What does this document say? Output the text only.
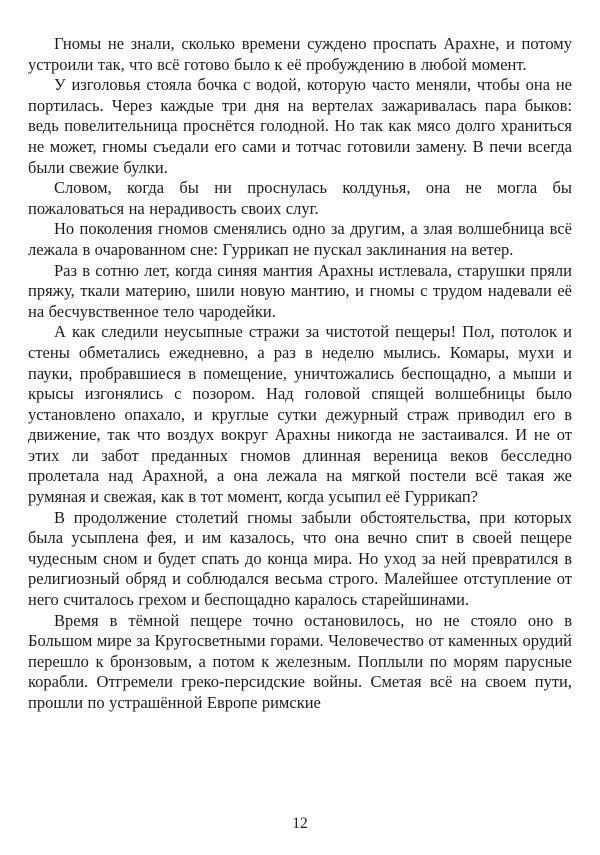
Гномы не знали, сколько времени суждено проспать Арахне, и потому устроили так, что всё готово было к её пробуждению в любой момент.

У изголовья стояла бочка с водой, которую часто меняли, чтобы она не портилась. Через каждые три дня на вертелах зажаривалась пара быков: ведь повелительница проснётся голодной. Но так как мясо долго храниться не может, гномы съедали его сами и тотчас готовили замену. В печи всегда были свежие булки.

Словом, когда бы ни проснулась колдунья, она не могла бы пожаловаться на нерадивость своих слуг.

Но поколения гномов сменялись одно за другим, а злая волшебница всё лежала в очарованном сне: Гуррикап не пускал заклинания на ветер.

Раз в сотню лет, когда синяя мантия Арахны истлевала, старушки пряли пряжу, ткали материю, шили новую мантию, и гномы с трудом надевали её на бесчувственное тело чародейки.

А как следили неусыпные стражи за чистотой пещеры! Пол, потолок и стены обметались ежедневно, а раз в неделю мылись. Комары, мухи и пауки, пробравшиеся в помещение, уничтожались беспощадно, а мыши и крысы изгонялись с позором. Над головой спящей волшебницы было установлено опахало, и круглые сутки дежурный страж приводил его в движение, так что воздух вокруг Арахны никогда не застаивался. И не от этих ли забот преданных гномов длинная вереница веков бесследно пролетала над Арахной, а она лежала на мягкой постели всё такая же румяная и свежая, как в тот момент, когда усыпил её Гуррикап?

В продолжение столетий гномы забыли обстоятельства, при которых была усыплена фея, и им казалось, что она вечно спит в своей пещере чудесным сном и будет спать до конца мира. Но уход за ней превратился в религиозный обряд и соблюдался весьма строго. Малейшее отступление от него считалось грехом и беспощадно каралось старейшинами.

Время в тёмной пещере точно остановилось, но не стояло оно в Большом мире за Кругосветными горами. Человечество от каменных орудий перешло к бронзовым, а потом к железным. Поплыли по морям парусные корабли. Отгремели греко-персидские войны. Сметая всё на своем пути, прошли по устрашённой Европе римские

12
